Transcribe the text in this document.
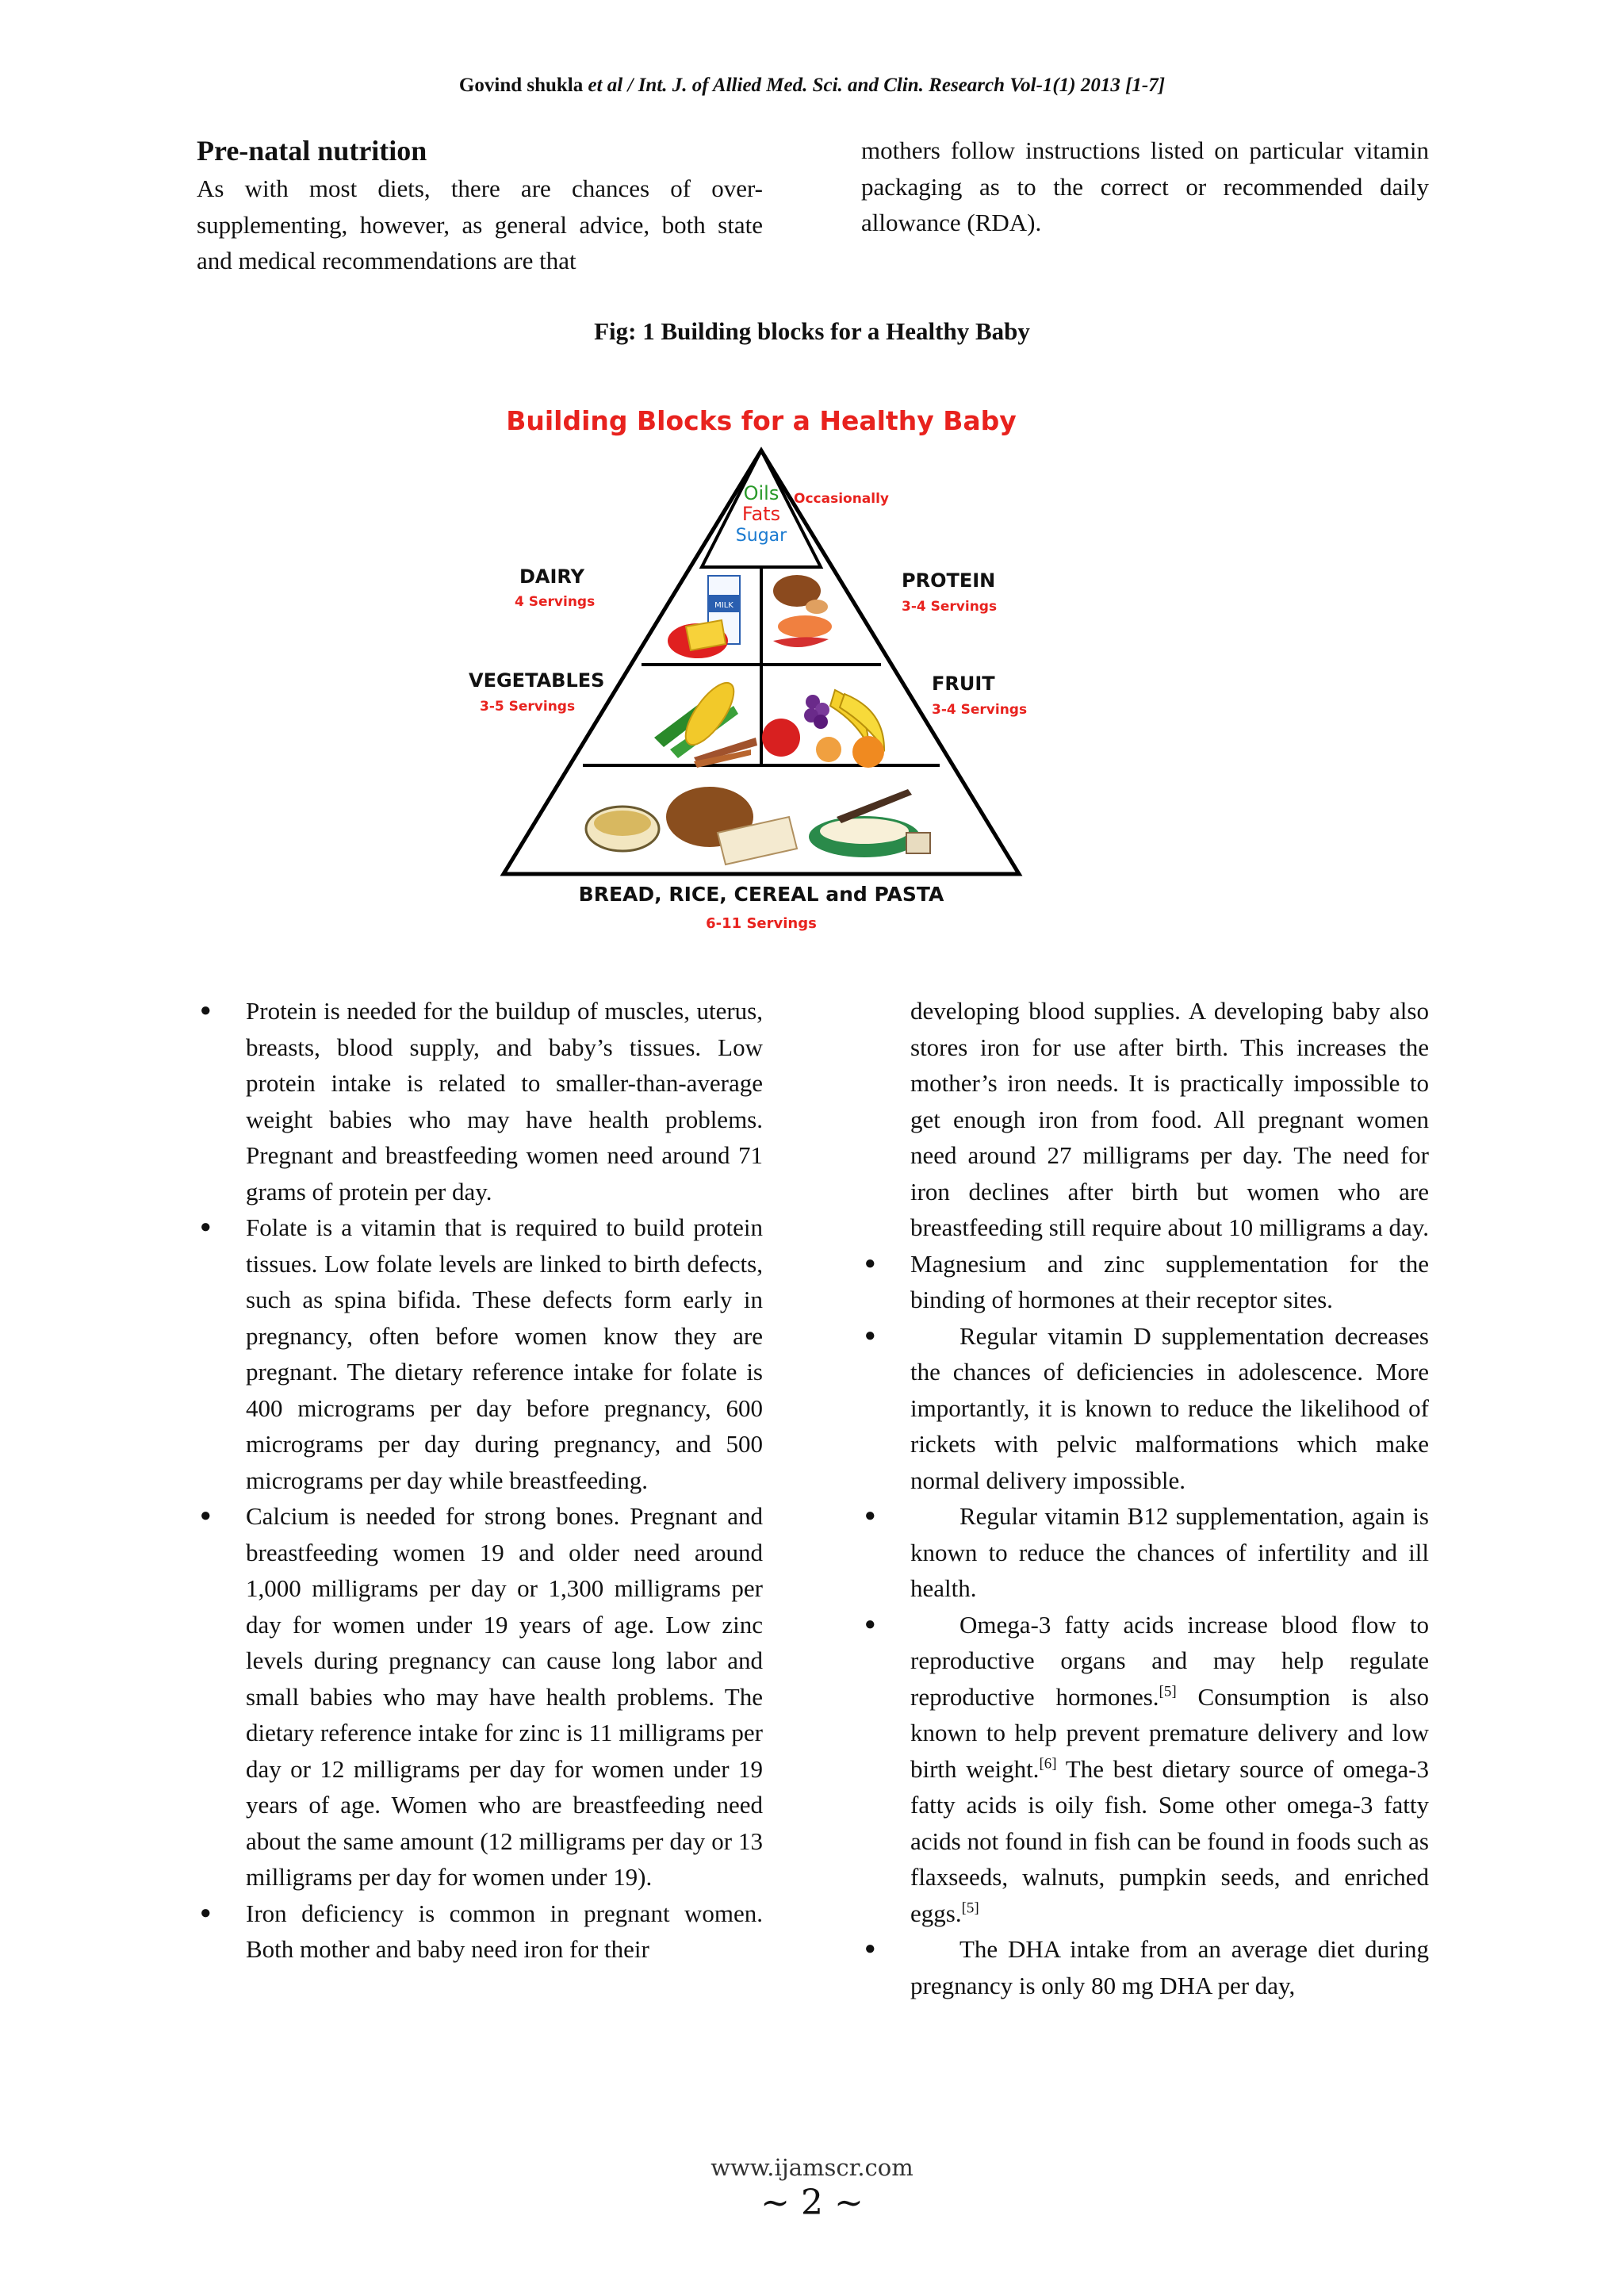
Govind shukla et al / Int. J. of Allied Med. Sci. and Clin. Research Vol-1(1) 2013 [1-7]
Pre-natal nutrition
As with most diets, there are chances of over-supplementing, however, as general advice, both state and medical recommendations are that
mothers follow instructions listed on particular vitamin packaging as to the correct or recommended daily allowance (RDA).
Fig: 1 Building blocks for a Healthy Baby
Building Blocks for a Healthy Baby
Oils
Fats
Sugar
Occasionally
DAIRY
4 Servings
PROTEIN
3-4 Servings
VEGETABLES
3-5 Servings
FRUIT
3-4 Servings
BREAD, RICE, CEREAL and PASTA
6-11 Servings
MILK
● Protein is needed for the buildup of muscles, uterus, breasts, blood supply, and baby’s tissues. Low protein intake is related to smaller-than-average weight babies who may have health problems. Pregnant and breastfeeding women need around 71 grams of protein per day.
● Folate is a vitamin that is required to build protein tissues. Low folate levels are linked to birth defects, such as spina bifida. These defects form early in pregnancy, often before women know they are pregnant. The dietary reference intake for folate is 400 micrograms per day before pregnancy, 600 micrograms per day during pregnancy, and 500 micrograms per day while breastfeeding.
● Calcium is needed for strong bones. Pregnant and breastfeeding women 19 and older need around 1,000 milligrams per day or 1,300 milligrams per day for women under 19 years of age. Low zinc levels during pregnancy can cause long labor and small babies who may have health problems. The dietary reference intake for zinc is 11 milligrams per day or 12 milligrams per day for women under 19 years of age. Women who are breastfeeding need about the same amount (12 milligrams per day or 13 milligrams per day for women under 19).
● Iron deficiency is common in pregnant women. Both mother and baby need iron for their
developing blood supplies. A developing baby also stores iron for use after birth. This increases the mother’s iron needs. It is practically impossible to get enough iron from food. All pregnant women need around 27 milligrams per day. The need for iron declines after birth but women who are breastfeeding still require about 10 milligrams a day.
● Magnesium and zinc supplementation for the binding of hormones at their receptor sites.
●	Regular vitamin D supplementation decreases the chances of deficiencies in adolescence. More importantly, it is known to reduce the likelihood of rickets with pelvic malformations which make normal delivery impossible.
●	Regular vitamin B12 supplementation, again is known to reduce the chances of infertility and ill health.
●	Omega-3 fatty acids increase blood flow to reproductive organs and may help regulate reproductive hormones.[5] Consumption is also known to help prevent premature delivery and low birth weight.[6] The best dietary source of omega-3 fatty acids is oily fish. Some other omega-3 fatty acids not found in fish can be found in foods such as flaxseeds, walnuts, pumpkin seeds, and enriched eggs.[5]
●	The DHA intake from an average diet during pregnancy is only 80 mg DHA per day,
www.ijamscr.com
~ 2 ~
